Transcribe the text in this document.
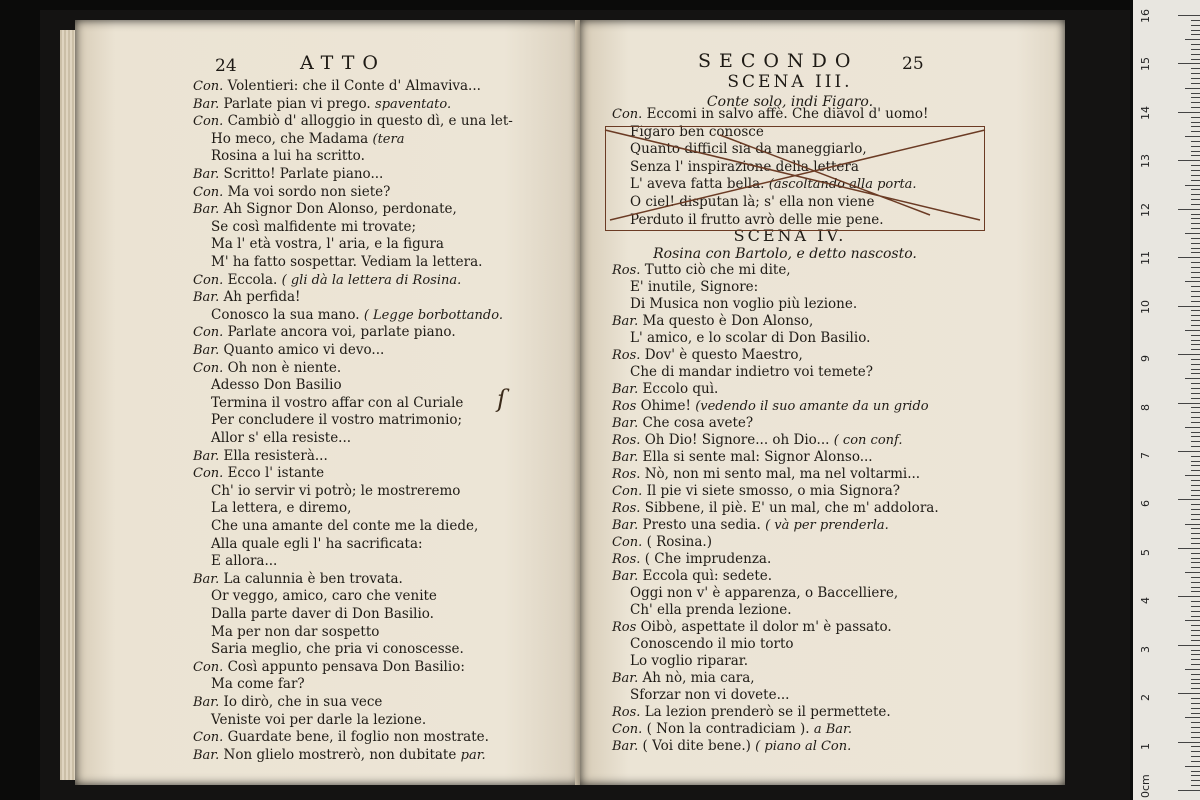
24	ATTO
Con. Volentieri: che il Conte d' Almaviva...
Bar. Parlate pian vi prego. spaventato.
Con. Cambiò d' alloggio in questo dì, e una let-
Ho meco, che Madama (tera
Rosina a lui ha scritto.
Bar. Scritto! Parlate piano...
Con. Ma voi sordo non siete?
Bar. Ah Signor Don Alonso, perdonate,
Se così malfidente mi trovate;
Ma l' età vostra, l' aria, e la figura
M' ha fatto sospettar. Vediam la lettera.
Con. Eccola. ( gli dà la lettera di Rosina.
Bar. Ah perfida!
Conosco la sua mano. ( Legge borbottando.
Con. Parlate ancora voi, parlate piano.
Bar. Quanto amico vi devo...
Con. Oh non è niente.
Adesso Don Basilio
Termina il vostro affar con al Curiale
Per concludere il vostro matrimonio;
Allor s' ella resiste...
Bar. Ella resisterà...
Con. Ecco l' istante
Ch' io servir vi potrò; le mostreremo
La lettera, e diremo,
Che una amante del conte me la diede,
Alla quale egli l' ha sacrificata:
E allora...
Bar. La calunnia è ben trovata.
Or veggo, amico, caro che venite
Dalla parte daver di Don Basilio.
Ma per non dar sospetto
Saria meglio, che pria vi conoscesse.
Con. Così appunto pensava Don Basilio:
Ma come far?
Bar. Io dirò, che in sua vece
Veniste voi per darle la lezione.
Con. Guardate bene, il foglio non mostrate.
Bar. Non glielo mostrerò, non dubitate par.
ſ
SECONDO	25
SCENA III.
Conte solo, indi Figaro.
Con. Eccomi in salvo affè. Che diavol d' uomo!
Figaro ben conosce
Quanto difficil sia da maneggiarlo,
Senza l' inspirazione della lettera
L' aveva fatta bella. (ascoltando alla porta.
O ciel! disputan là; s' ella non viene
Perduto il frutto avrò delle mie pene.
SCENA IV.
Rosina con Bartolo, e detto nascosto.
Ros. Tutto ciò che mi dite,
E' inutile, Signore:
Di Musica non voglio più lezione.
Bar. Ma questo è Don Alonso,
L' amico, e lo scolar di Don Basilio.
Ros. Dov' è questo Maestro,
Che di mandar indietro voi temete?
Bar. Eccolo quì.
Ros Ohime! (vedendo il suo amante da un grido
Bar. Che cosa avete?
Ros. Oh Dio! Signore... oh Dio... ( con conf.
Bar. Ella si sente mal: Signor Alonso...
Ros. Nò, non mi sento mal, ma nel voltarmi...
Con. Il pie vi siete smosso, o mia Signora?
Ros. Sibbene, il piè. E' un mal, che m' addolora.
Bar. Presto una sedia. ( và per prenderla.
Con. ( Rosina.)
Ros. ( Che imprudenza.
Bar. Eccola quì: sedete.
Oggi non v' è apparenza, o Baccelliere,
Ch' ella prenda lezione.
Ros Oibò, aspettate il dolor m' è passato.
Conoscendo il mio torto
Lo voglio riparar.
Bar. Ah nò, mia cara,
Sforzar non vi dovete...
Ros. La lezion prenderò se il permettete.
Con. ( Non la contradiciam ). a Bar.
Bar. ( Voi dite bene.) ( piano al Con.
16
15
14
13
12
11
10
9
8
7
6
5
4
3
2
1
0cm
